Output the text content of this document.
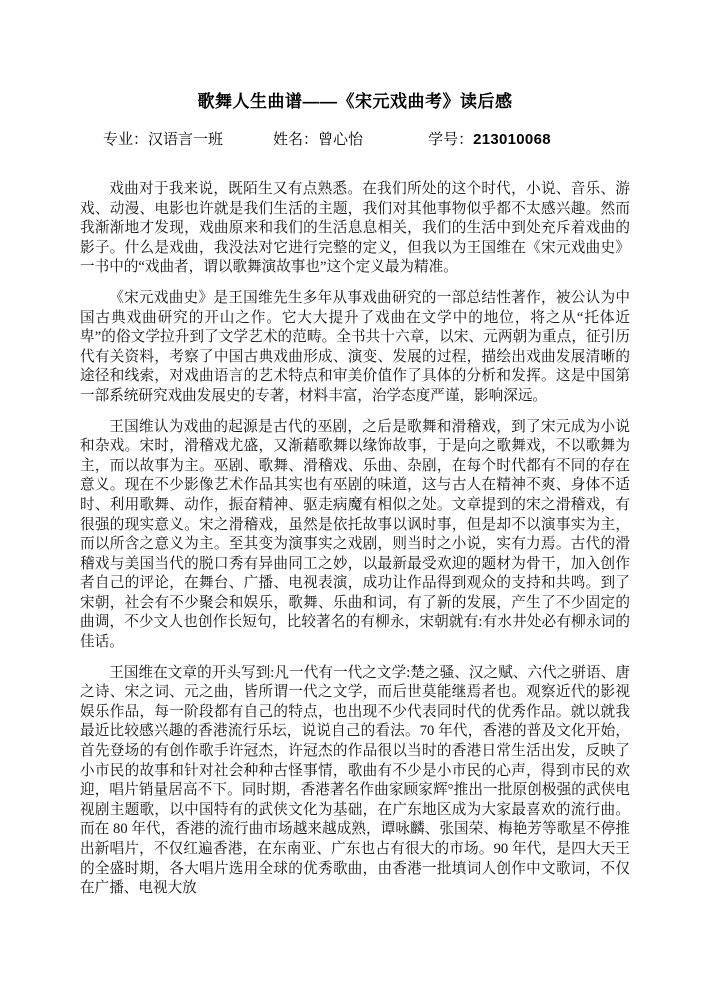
歌舞人生曲谱——《宋元戏曲考》读后感
专业：汉语言一班	姓名：曾心怡	学号：213010068

戏曲对于我来说，既陌生又有点熟悉。在我们所处的这个时代，小说、音乐、游戏、动漫、电影也许就是我们生活的主题，我们对其他事物似乎都不太感兴趣。然而我渐渐地才发现，戏曲原来和我们的生活息息相关，我们的生活中到处充斥着戏曲的影子。什么是戏曲，我没法对它进行完整的定义，但我以为王国维在《宋元戏曲史》一书中的“戏曲者，谓以歌舞演故事也”这个定义最为精准。

《宋元戏曲史》是王国维先生多年从事戏曲研究的一部总结性著作，被公认为中国古典戏曲研究的开山之作。它大大提升了戏曲在文学中的地位，将之从“托体近卑”的俗文学拉升到了文学艺术的范畴。全书共十六章，以宋、元两朝为重点，征引历代有关资料，考察了中国古典戏曲形成、演变、发展的过程，描绘出戏曲发展清晰的途径和线索，对戏曲语言的艺术特点和审美价值作了具体的分析和发挥。这是中国第一部系统研究戏曲发展史的专著，材料丰富，治学态度严谨，影响深远。

王国维认为戏曲的起源是古代的巫剧，之后是歌舞和滑稽戏，到了宋元成为小说和杂戏。宋时，滑稽戏尤盛，又渐藉歌舞以缘饰故事，于是向之歌舞戏，不以歌舞为主，而以故事为主。巫剧、歌舞、滑稽戏、乐曲、杂剧，在每个时代都有不同的存在意义。现在不少影像艺术作品其实也有巫剧的味道，这与古人在精神不爽、身体不适时、利用歌舞、动作，振奋精神、驱走病魔有相似之处。文章提到的宋之滑稽戏，有很强的现实意义。宋之滑稽戏，虽然是依托故事以讽时事，但是却不以演事实为主，而以所含之意义为主。至其变为演事实之戏剧，则当时之小说，实有力焉。古代的滑稽戏与美国当代的脱口秀有异曲同工之妙，以最新最受欢迎的题材为骨干，加入创作者自己的评论，在舞台、广播、电视表演，成功让作品得到观众的支持和共鸣。到了宋朝，社会有不少聚会和娱乐，歌舞、乐曲和词，有了新的发展，产生了不少固定的曲调，不少文人也创作长短句，比较著名的有柳永，宋朝就有:有水井处必有柳永词的佳话。

王国维在文章的开头写到:凡一代有一代之文学:楚之骚、汉之赋、六代之骈语、唐之诗、宋之词、元之曲，皆所谓一代之文学，而后世莫能继焉者也。观察近代的影视娱乐作品，每一阶段都有自己的特点，也出现不少代表同时代的优秀作品。就以就我最近比较感兴趣的香港流行乐坛，说说自己的看法。70 年代，香港的普及文化开始，首先登场的有创作歌手许冠杰，许冠杰的作品很以当时的香港日常生活出发，反映了小市民的故事和针对社会种种古怪事情，歌曲有不少是小市民的心声，得到市民的欢迎，唱片销量居高不下。同时期，香港著名作曲家顾家辉°推出一批原创极强的武侠电视剧主题歌，以中国特有的武侠文化为基础，在广东地区成为大家最喜欢的流行曲。而在 80 年代，香港的流行曲市场越来越成熟，谭咏麟、张国荣、梅艳芳等歌星不停推出新唱片，不仅红遍香港，在东南亚、广东也占有很大的市场。90 年代，是四大天王的全盛时期，各大唱片选用全球的优秀歌曲，由香港一批填词人创作中文歌词，不仅在广播、电视大放
